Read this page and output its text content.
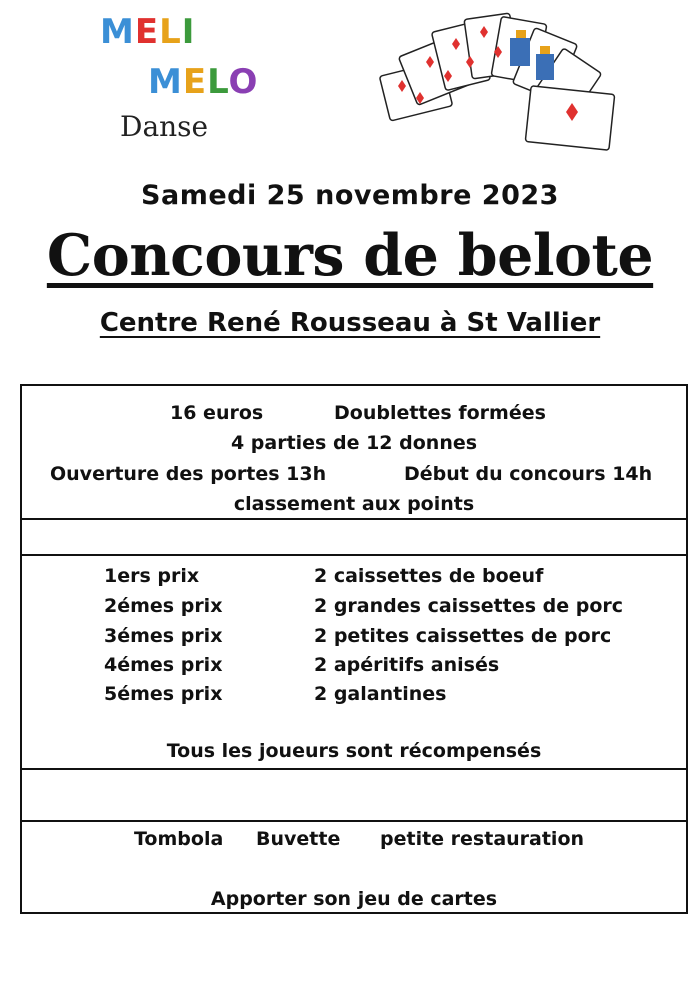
MELI
MELO
Danse
Samedi 25 novembre 2023
Concours de belote
Centre René Rousseau à St Vallier
16 euros	Doublettes formées
4 parties de 12 donnes
Ouverture des portes 13h	Début du concours 14h
classement aux points
1ers prix	2 caissettes de boeuf
2émes prix	2 grandes caissettes de porc
3émes prix	2 petites caissettes de porc
4émes prix	2 apéritifs anisés
5émes prix	2 galantines
Tous les joueurs sont récompensés
Tombola Buvette petite restauration
Apporter son jeu de cartes
